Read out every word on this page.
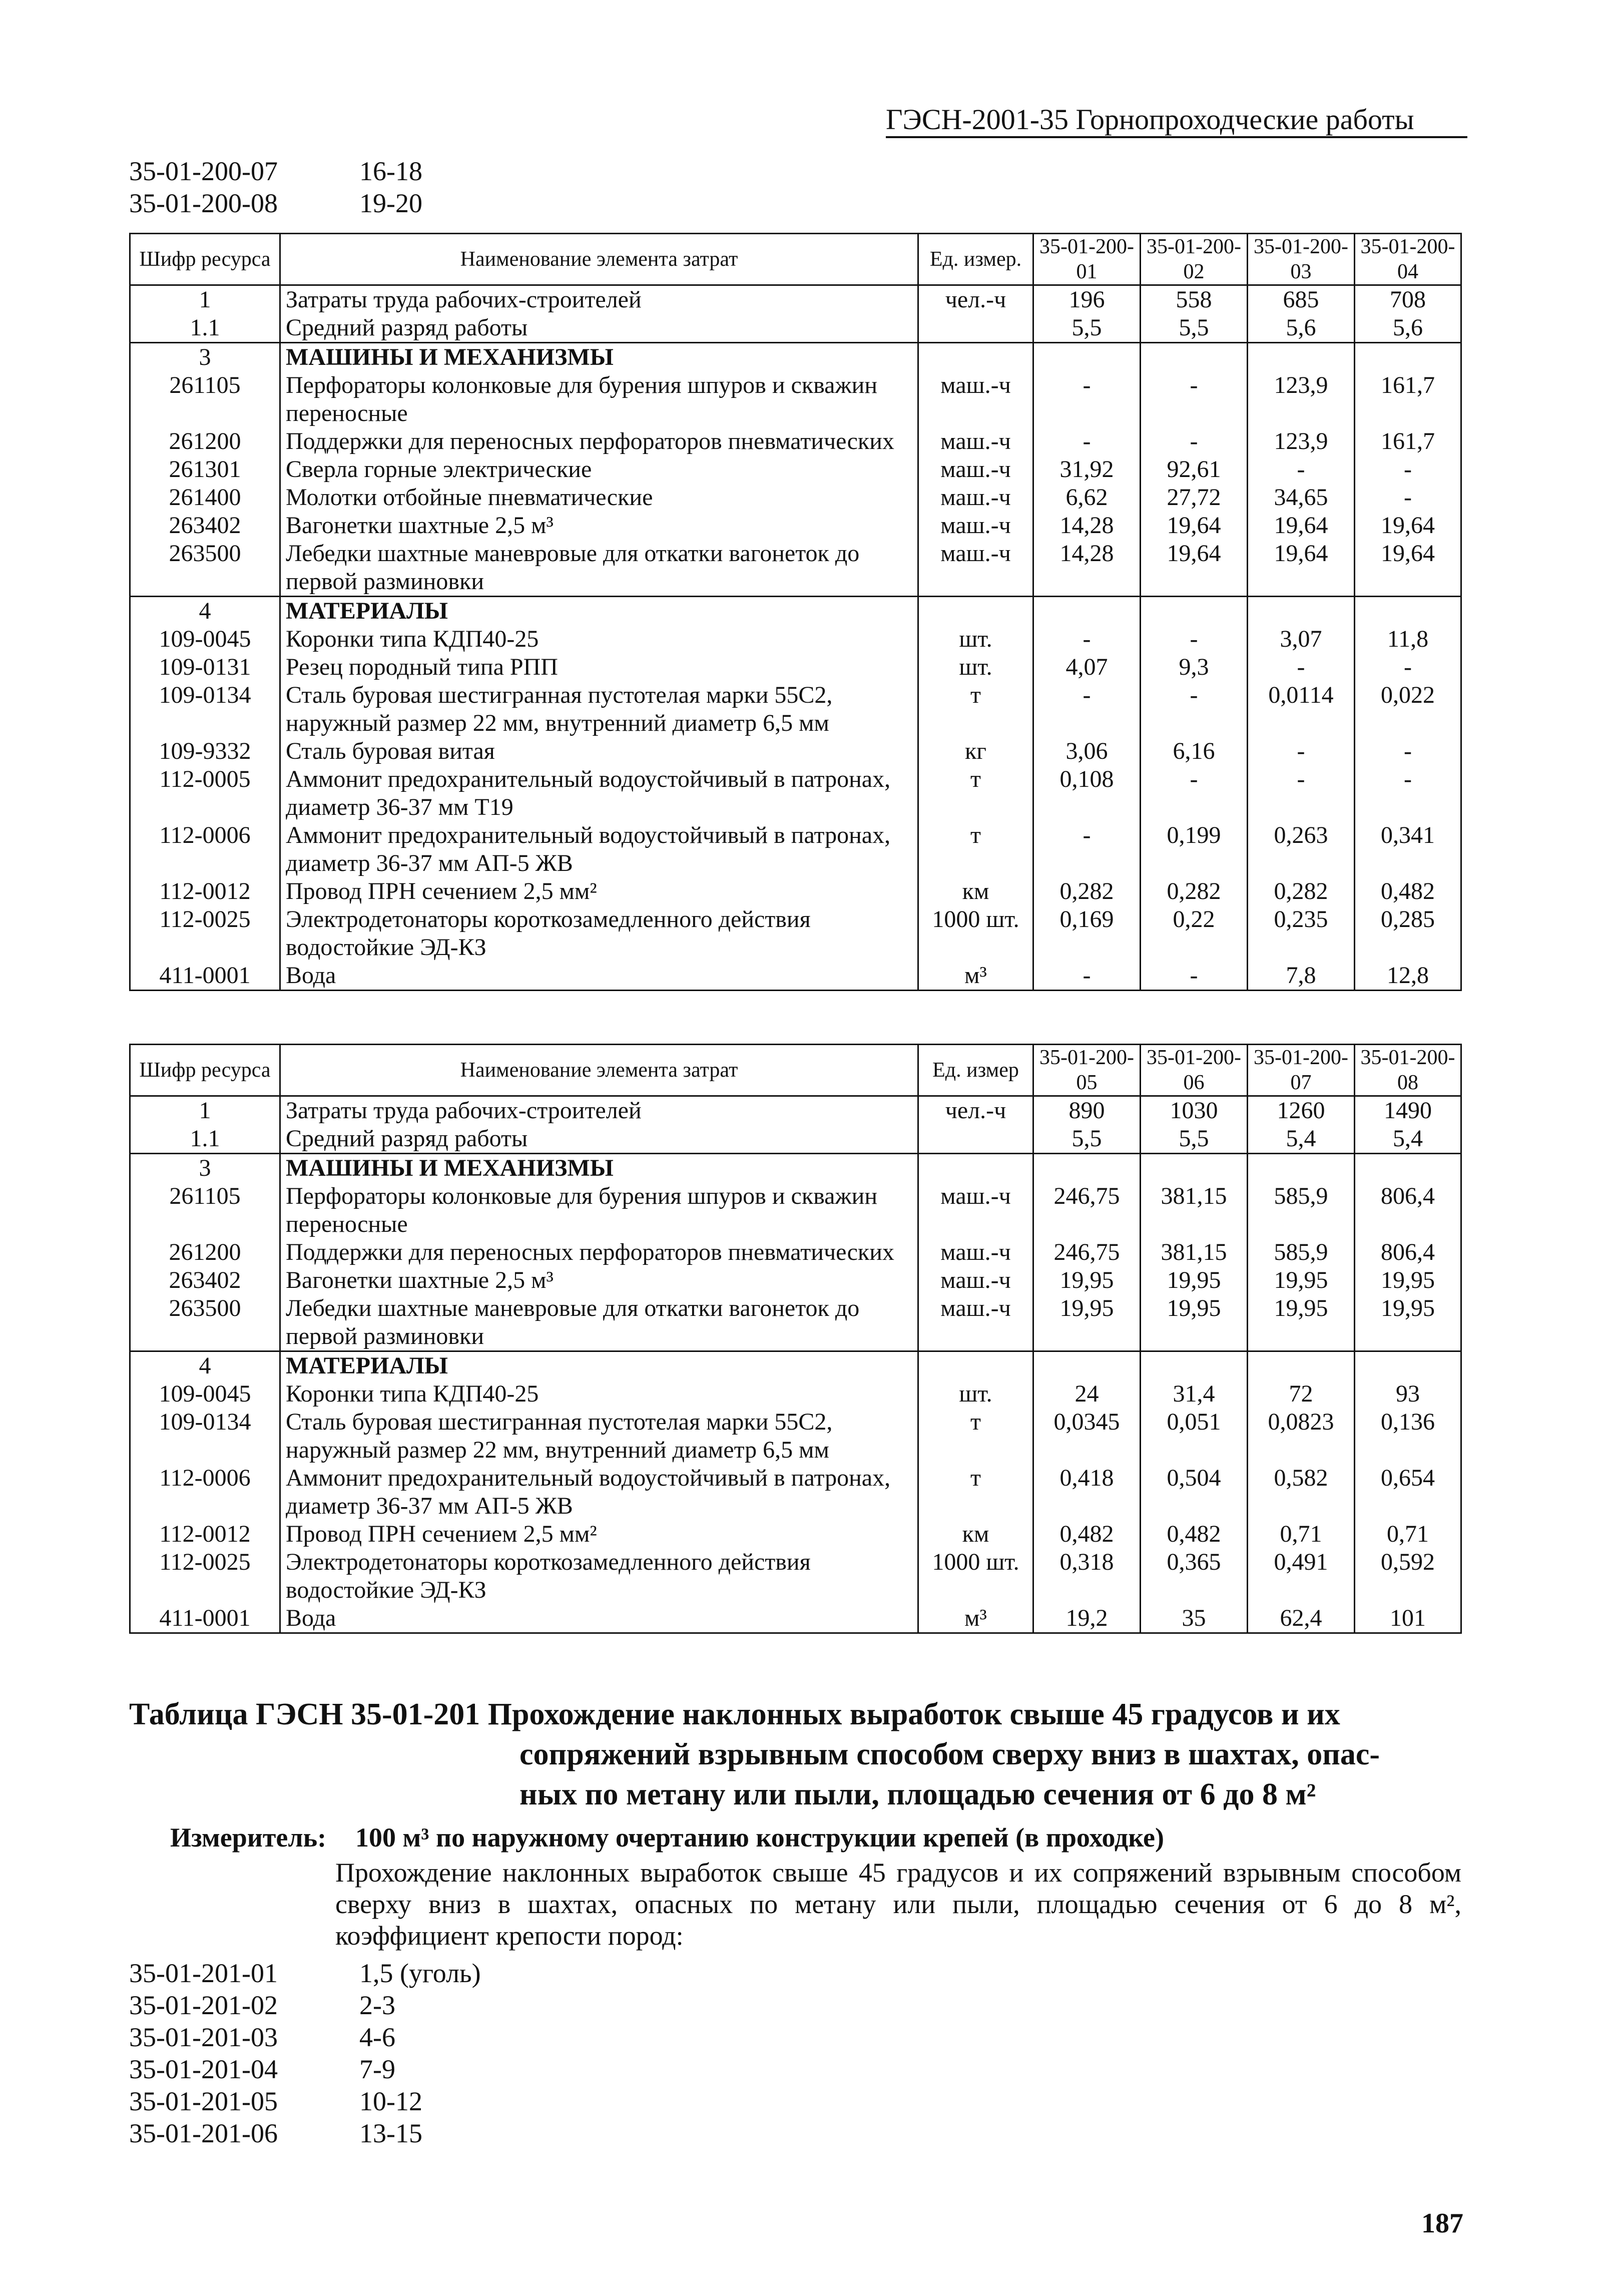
ГЭСН-2001-35 Горнопроходческие работы
35-01-200-07	16-18
35-01-200-08	19-20
Шифр ресурса	Наименование элемента затрат	Ед. измер.	35-01-200-01	35-01-200-02	35-01-200-03	35-01-200-04
1	Затраты труда рабочих-строителей	чел.-ч	196	558	685	708
1.1	Средний разряд работы		5,5	5,5	5,6	5,6
3	МАШИНЫ И МЕХАНИЗМЫ					
261105	Перфораторы колонковые для бурения шпуров и скважин переносные	маш.-ч	-	-	123,9	161,7
261200	Поддержки для переносных перфораторов пневматических	маш.-ч	-	-	123,9	161,7
261301	Сверла горные электрические	маш.-ч	31,92	92,61	-	-
261400	Молотки отбойные пневматические	маш.-ч	6,62	27,72	34,65	-
263402	Вагонетки шахтные 2,5 м³	маш.-ч	14,28	19,64	19,64	19,64
263500	Лебедки шахтные маневровые для откатки вагонеток до первой разминовки	маш.-ч	14,28	19,64	19,64	19,64
4	МАТЕРИАЛЫ					
109-0045	Коронки типа КДП40-25	шт.	-	-	3,07	11,8
109-0131	Резец породный типа РПП	шт.	4,07	9,3	-	-
109-0134	Сталь буровая шестигранная пустотелая марки 55С2, наружный размер 22 мм, внутренний диаметр 6,5 мм	т	-	-	0,0114	0,022
109-9332	Сталь буровая витая	кг	3,06	6,16	-	-
112-0005	Аммонит предохранительный водоустойчивый в патронах, диаметр 36-37 мм Т19	т	0,108	-	-	-
112-0006	Аммонит предохранительный водоустойчивый в патронах, диаметр 36-37 мм АП-5 ЖВ	т	-	0,199	0,263	0,341
112-0012	Провод ПРН сечением 2,5 мм²	км	0,282	0,282	0,282	0,482
112-0025	Электродетонаторы короткозамедленного действия водостойкие ЭД-КЗ	1000 шт.	0,169	0,22	0,235	0,285
411-0001	Вода	м³	-	-	7,8	12,8
Шифр ресурса	Наименование элемента затрат	Ед. измер	35-01-200-05	35-01-200-06	35-01-200-07	35-01-200-08
1	Затраты труда рабочих-строителей	чел.-ч	890	1030	1260	1490
1.1	Средний разряд работы		5,5	5,5	5,4	5,4
3	МАШИНЫ И МЕХАНИЗМЫ					
261105	Перфораторы колонковые для бурения шпуров и скважин переносные	маш.-ч	246,75	381,15	585,9	806,4
261200	Поддержки для переносных перфораторов пневматических	маш.-ч	246,75	381,15	585,9	806,4
263402	Вагонетки шахтные 2,5 м³	маш.-ч	19,95	19,95	19,95	19,95
263500	Лебедки шахтные маневровые для откатки вагонеток до первой разминовки	маш.-ч	19,95	19,95	19,95	19,95
4	МАТЕРИАЛЫ					
109-0045	Коронки типа КДП40-25	шт.	24	31,4	72	93
109-0134	Сталь буровая шестигранная пустотелая марки 55С2, наружный размер 22 мм, внутренний диаметр 6,5 мм	т	0,0345	0,051	0,0823	0,136
112-0006	Аммонит предохранительный водоустойчивый в патронах, диаметр 36-37 мм АП-5 ЖВ	т	0,418	0,504	0,582	0,654
112-0012	Провод ПРН сечением 2,5 мм²	км	0,482	0,482	0,71	0,71
112-0025	Электродетонаторы короткозамедленного действия водостойкие ЭД-КЗ	1000 шт.	0,318	0,365	0,491	0,592
411-0001	Вода	м³	19,2	35	62,4	101
Таблица ГЭСН 35-01-201 Прохождение наклонных выработок свыше 45 градусов и их
сопряжений взрывным способом сверху вниз в шахтах, опас-
ных по метану или пыли, площадью сечения от 6 до 8 м²
Измеритель: 100 м³ по наружному очертанию конструкции крепей (в проходке)
Прохождение наклонных выработок свыше 45 градусов и их сопряжений взрывным способом сверху вниз в шахтах, опасных по метану или пыли, площадью сечения от 6 до 8 м², коэффициент крепости пород:
35-01-201-01	1,5 (уголь)
35-01-201-02	2-3
35-01-201-03	4-6
35-01-201-04	7-9
35-01-201-05	10-12
35-01-201-06	13-15
187
